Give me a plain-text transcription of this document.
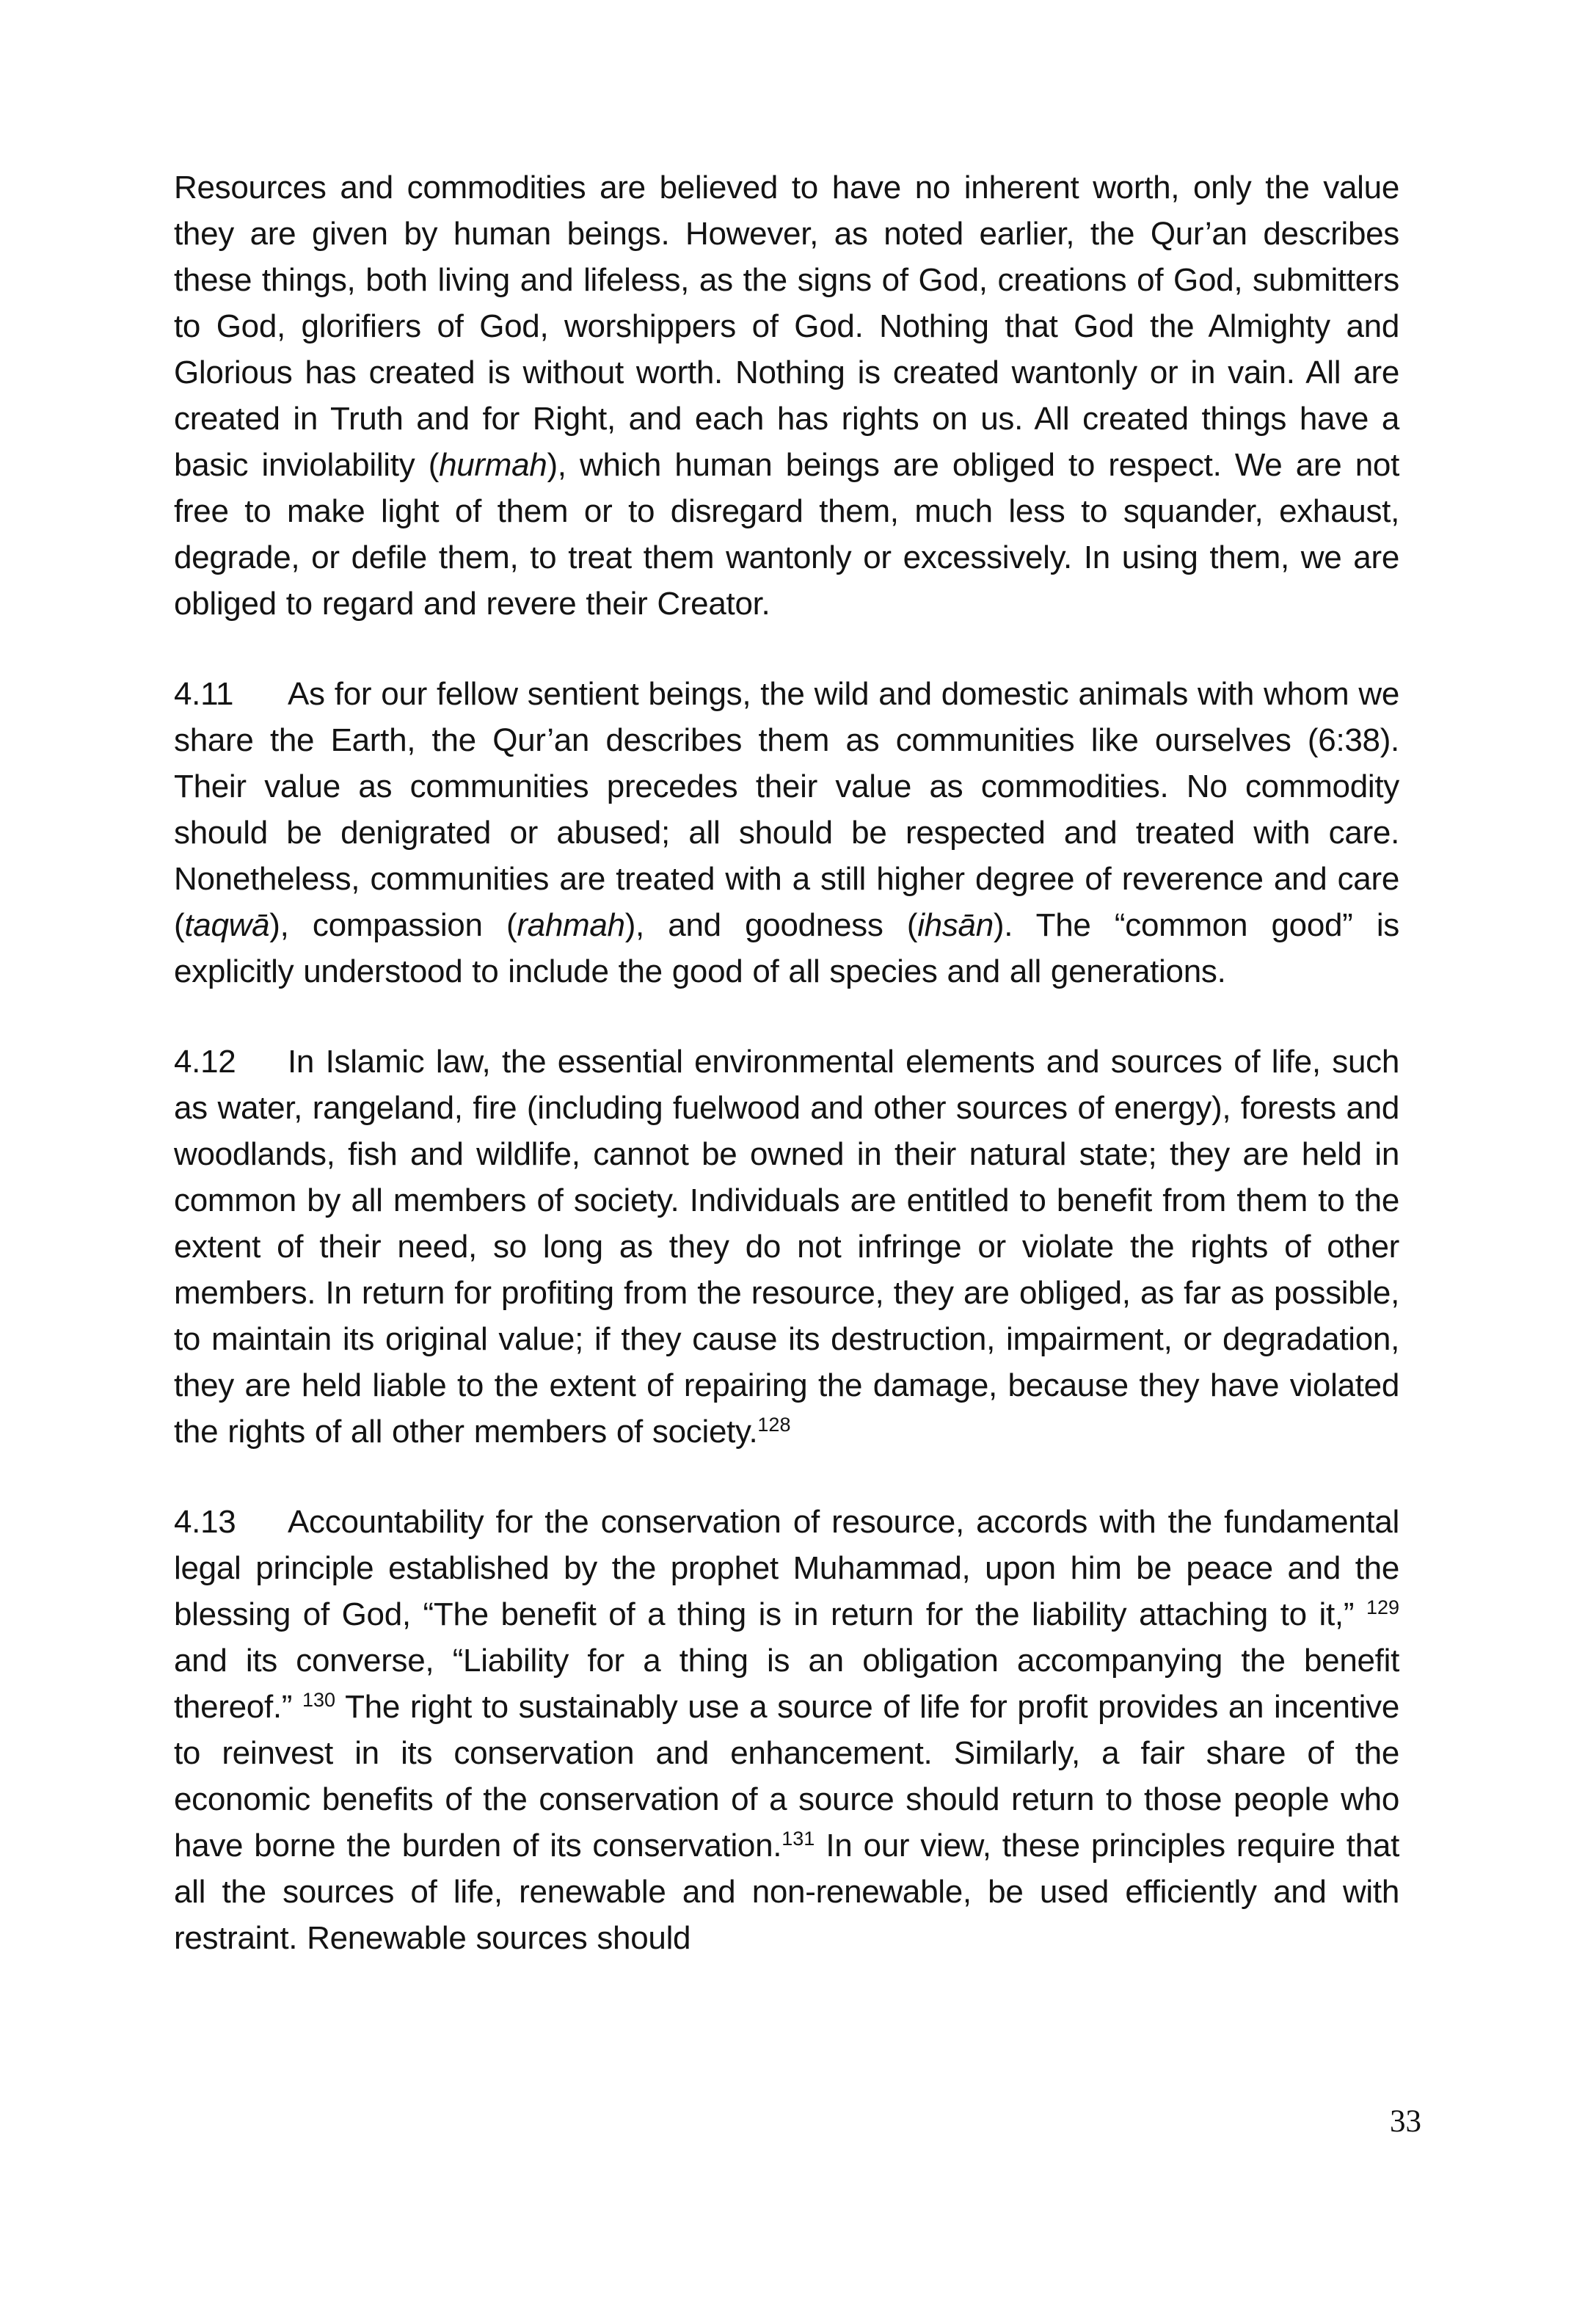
Resources and commodities are believed to have no inherent worth, only the value they are given by human beings. However, as noted earlier, the Qur’an describes these things, both living and lifeless, as the signs of God, creations of God, submitters to God, glorifiers of God, worshippers of God. Nothing that God the Almighty and Glorious has created is without worth. Nothing is created wantonly or in vain. All are created in Truth and for Right, and each has rights on us. All created things have a basic inviolability (hurmah), which human beings are obliged to respect. We are not free to make light of them or to disregard them, much less to squander, exhaust, degrade, or defile them, to treat them wantonly or excessively. In using them, we are obliged to regard and revere their Creator.

4.11 As for our fellow sentient beings, the wild and domestic animals with whom we share the Earth, the Qur’an describes them as communities like ourselves (6:38). Their value as communities precedes their value as commodities. No commodity should be denigrated or abused; all should be respected and treated with care. Nonetheless, communities are treated with a still higher degree of reverence and care (taqwā), compassion (rahmah), and goodness (ihsān). The “common good” is explicitly understood to include the good of all species and all generations.

4.12 In Islamic law, the essential environmental elements and sources of life, such as water, rangeland, fire (including fuelwood and other sources of energy), forests and woodlands, fish and wildlife, cannot be owned in their natural state; they are held in common by all members of society. Individuals are entitled to benefit from them to the extent of their need, so long as they do not infringe or violate the rights of other members. In return for profiting from the resource, they are obliged, as far as possible, to maintain its original value; if they cause its destruction, impairment, or degradation, they are held liable to the extent of repairing the damage, because they have violated the rights of all other members of society.$^{128}$

4.13 Accountability for the conservation of resource, accords with the fundamental legal principle established by the prophet Muhammad, upon him be peace and the blessing of God, “The benefit of a thing is in return for the liability attaching to it,” $^{129}$ and its converse, “Liability for a thing is an obligation accompanying the benefit thereof.” $^{130}$ The right to sustainably use a source of life for profit provides an incentive to reinvest in its conservation and enhancement. Similarly, a fair share of the economic benefits of the conservation of a source should return to those people who have borne the burden of its conservation.$^{131}$ In our view, these principles require that all the sources of life, renewable and non-renewable, be used efficiently and with restraint. Renewable sources should

33
